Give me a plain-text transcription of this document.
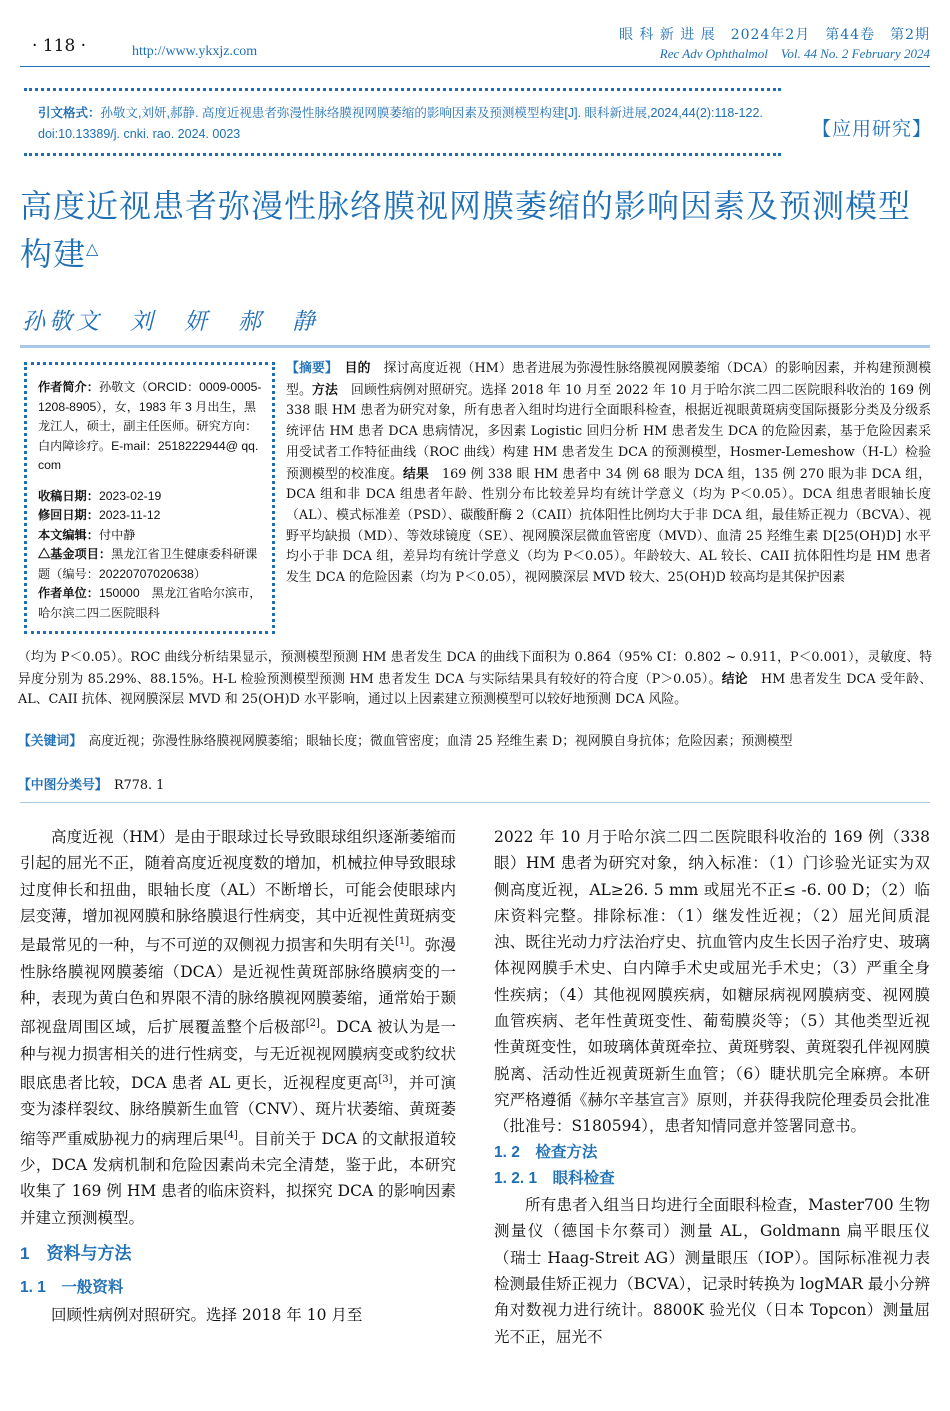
· 118 ·	http://www.ykxjz.com
眼 科 新 进 展　2024年2月　第44卷　第2期
Rec Adv Ophthalmol　Vol. 44 No. 2 February 2024
引文格式：孙敬文,刘妍,郝静. 高度近视患者弥漫性脉络膜视网膜萎缩的影响因素及预测模型构建[J]. 眼科新进展,2024,44(2):118-122. doi:10.13389/j. cnki. rao. 2024. 0023	【应用研究】
高度近视患者弥漫性脉络膜视网膜萎缩的影响因素及预测模型构建△
孙敬文　刘　妍　郝　静
作者简介：孙敬文（ORCID：0009-0005-1208-8905），女，1983 年 3 月出生，黑龙江人，硕士，副主任医师。研究方向：白内障诊疗。E-mail：2518222944@ qq. com
收稿日期：2023-02-19
修回日期：2023-11-12
本文编辑：付中静
△基金项目：黑龙江省卫生健康委科研课题（编号：20220707020638）
作者单位：150000　黑龙江省哈尔滨市，哈尔滨二四二医院眼科
【摘要】　 目的　 探讨高度近视（HM）患者进展为弥漫性脉络膜视网膜萎缩（DCA）的影响因素，并构建预测模型。方法　 回顾性病例对照研究。选择 2018 年 10 月至 2022 年 10 月于哈尔滨二四二医院眼科收治的 169 例 338 眼 HM 患者为研究对象，所有患者入组时均进行全面眼科检查，根据近视眼黄斑病变国际摄影分类及分级系统评估 HM 患者 DCA 患病情况，多因素 Logistic 回归分析 HM 患者发生 DCA 的危险因素，基于危险因素采用受试者工作特征曲线（ROC 曲线）构建 HM 患者发生 DCA 的预测模型，Hosmer-Lemeshow（H-L）检验预测模型的校准度。结果　 169 例 338 眼 HM 患者中 34 例 68 眼为 DCA 组，135 例 270 眼为非 DCA 组，DCA 组和非 DCA 组患者年龄、性别分布比较差异均有统计学意义（均为 P＜0.05）。DCA 组患者眼轴长度（AL）、模式标准差（PSD）、碳酸酐酶 2（CAII）抗体阳性比例均大于非 DCA 组，最佳矫正视力（BCVA）、视野平均缺损（MD）、等效球镜度（SE）、视网膜深层微血管密度（MVD）、血清 25 羟维生素 D[25(OH)D] 水平均小于非 DCA 组，差异均有统计学意义（均为 P＜0.05）。年龄较大、AL 较长、CAII 抗体阳性均是 HM 患者发生 DCA 的危险因素（均为 P＜0.05），视网膜深层 MVD 较大、25(OH)D 较高均是其保护因素
（均为 P＜0.05）。ROC 曲线分析结果显示，预测模型预测 HM 患者发生 DCA 的曲线下面积为 0.864（95% CI：0.802 ~ 0.911，P＜0.001），灵敏度、特异度分别为 85.29%、88.15%。H-L 检验预测模型预测 HM 患者发生 DCA 与实际结果具有较好的符合度（P＞0.05）。结论　 HM 患者发生 DCA 受年龄、AL、CAII 抗体、视网膜深层 MVD 和 25(OH)D 水平影响，通过以上因素建立预测模型可以较好地预测 DCA 风险。
【关键词】　 高度近视；弥漫性脉络膜视网膜萎缩；眼轴长度；微血管密度；血清 25 羟维生素 D；视网膜自身抗体；危险因素；预测模型
【中图分类号】　 R778. 1

高度近视（HM）是由于眼球过长导致眼球组织逐渐萎缩而引起的屈光不正，随着高度近视度数的增加，机械拉伸导致眼球过度伸长和扭曲，眼轴长度（AL）不断增长，可能会使眼球内层变薄，增加视网膜和脉络膜退行性病变，其中近视性黄斑病变是最常见的一种，与不可逆的双侧视力损害和失明有关[1]。弥漫性脉络膜视网膜萎缩（DCA）是近视性黄斑部脉络膜病变的一种，表现为黄白色和界限不清的脉络膜视网膜萎缩，通常始于颞部视盘周围区域，后扩展覆盖整个后极部[2]。DCA 被认为是一种与视力损害相关的进行性病变，与无近视视网膜病变或豹纹状眼底患者比较，DCA 患者 AL 更长，近视程度更高[3]，并可演变为漆样裂纹、脉络膜新生血管（CNV）、斑片状萎缩、黄斑萎缩等严重威胁视力的病理后果[4]。目前关于 DCA 的文献报道较少，DCA 发病机制和危险因素尚未完全清楚，鉴于此，本研究收集了 169 例 HM 患者的临床资料，拟探究 DCA 的影响因素并建立预测模型。

1　资料与方法
1. 1　一般资料

回顾性病例对照研究。选择 2018 年 10 月至

2022 年 10 月于哈尔滨二四二医院眼科收治的 169 例（338 眼）HM 患者为研究对象，纳入标准：（1）门诊验光证实为双侧高度近视，AL≥26. 5 mm 或屈光不正≤ -6. 00 D；（2）临床资料完整。排除标准：（1）继发性近视；（2）屈光间质混浊、既往光动力疗法治疗史、抗血管内皮生长因子治疗史、玻璃体视网膜手术史、白内障手术史或屈光手术史；（3）严重全身性疾病；（4）其他视网膜疾病，如糖尿病视网膜病变、视网膜血管疾病、老年性黄斑变性、葡萄膜炎等；（5）其他类型近视性黄斑变性，如玻璃体黄斑牵拉、黄斑劈裂、黄斑裂孔伴视网膜脱离、活动性近视黄斑新生血管；（6）睫状肌完全麻痹。本研究严格遵循《赫尔辛基宣言》原则，并获得我院伦理委员会批准（批准号：S180594），患者知情同意并签署同意书。

1. 2　检查方法
1. 2. 1　眼科检查

所有患者入组当日均进行全面眼科检查，Master700 生物测量仪（德国卡尔蔡司）测量 AL，Goldmann 扁平眼压仪（瑞士 Haag-Streit AG）测量眼压（IOP）。国际标准视力表检测最佳矫正视力（BCVA），记录时转换为 logMAR 最小分辨角对数视力进行统计。8800K 验光仪（日本 Topcon）测量屈光不正，屈光不
